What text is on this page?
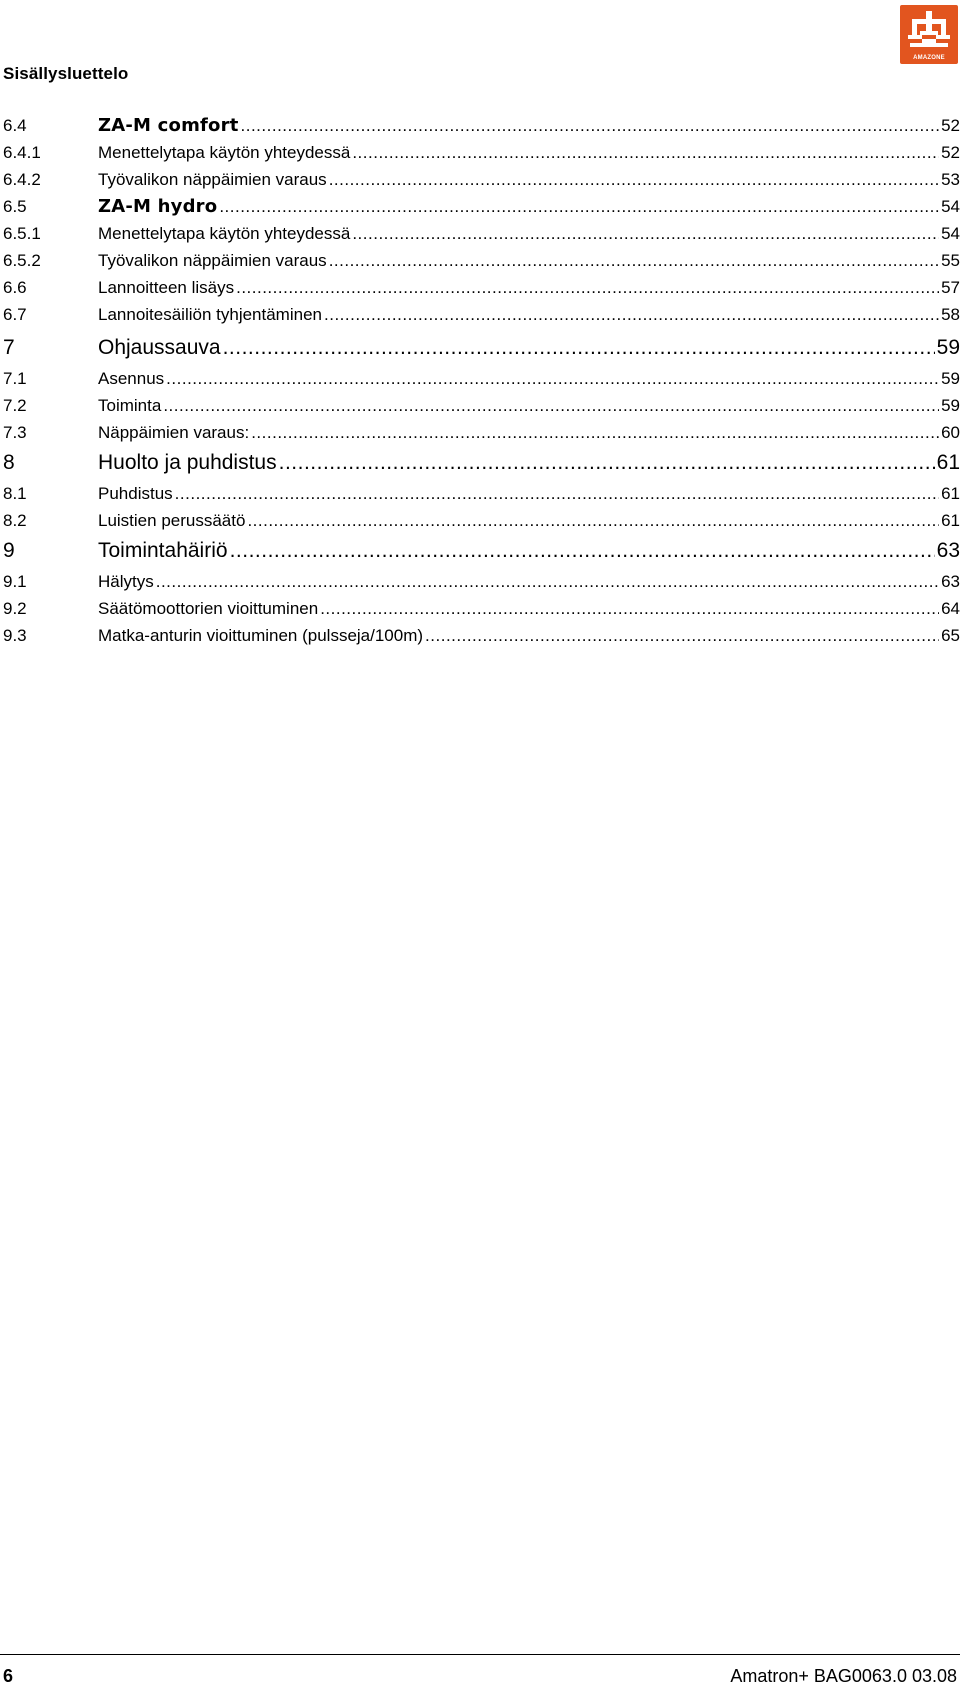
AMAZONE
Sisällysluettelo
6.4	ZA-M comfort .....	52
6.4.1	Menettelytapa käytön yhteydessä .....	52
6.4.2	Työvalikon näppäimien varaus .....	53
6.5	ZA-M hydro .....	54
6.5.1	Menettelytapa käytön yhteydessä .....	54
6.5.2	Työvalikon näppäimien varaus .....	55
6.6	Lannoitteen lisäys .....	57
6.7	Lannoitesäiliön tyhjentäminen .....	58
7	Ohjaussauva .....	59
7.1	Asennus .....	59
7.2	Toiminta .....	59
7.3	Näppäimien varaus: .....	60
8	Huolto ja puhdistus .....	61
8.1	Puhdistus .....	61
8.2	Luistien perussäätö .....	61
9	Toimintahäiriö .....	63
9.1	Hälytys .....	63
9.2	Säätömoottorien vioittuminen .....	64
9.3	Matka-anturin vioittuminen (pulsseja/100m) .....	65
6	Amatron+ BAG0063.0 03.08
